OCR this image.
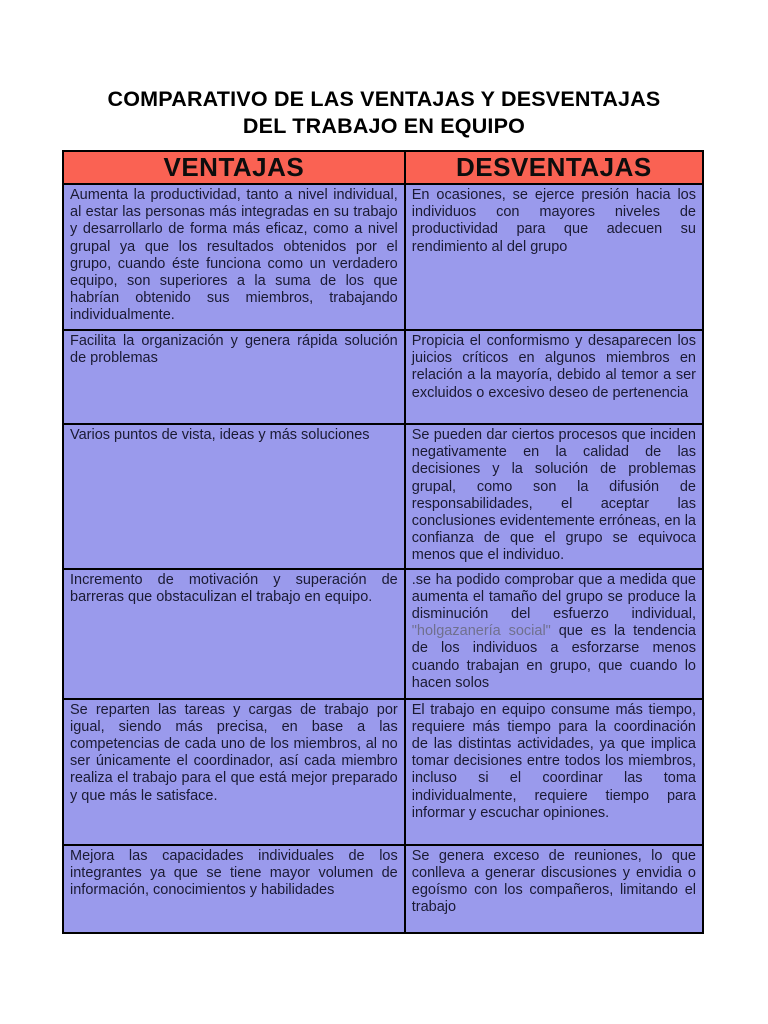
COMPARATIVO DE LAS VENTAJAS Y DESVENTAJAS
DEL TRABAJO EN EQUIPO
VENTAJAS	DESVENTAJAS
Aumenta la productividad, tanto a nivel individual, al estar las personas más integradas en su trabajo y desarrollarlo de forma más eficaz, como a nivel grupal ya que los resultados obtenidos por el grupo, cuando éste funciona como un verdadero equipo, son superiores a la suma de los que habrían obtenido sus miembros, trabajando individualmente.	En ocasiones, se ejerce presión hacia los individuos con mayores niveles de productividad para que adecuen su rendimiento al del grupo
Facilita la organización y genera rápida solución de problemas	Propicia el conformismo y desaparecen los juicios críticos en algunos miembros en relación a la mayoría, debido al temor a ser excluidos o excesivo deseo de pertenencia
Varios puntos de vista, ideas y más soluciones	Se pueden dar ciertos procesos que inciden negativamente en la calidad de las decisiones y la solución de problemas grupal, como son la difusión de responsabilidades, el aceptar las conclusiones evidentemente erróneas, en la confianza de que el grupo se equivoca menos que el individuo.
Incremento de motivación y superación de barreras que obstaculizan el trabajo en equipo.	.se ha podido comprobar que a medida que aumenta el tamaño del grupo se produce la disminución del esfuerzo individual, "holgazanería social" que es la tendencia de los individuos a esforzarse menos cuando trabajan en grupo, que cuando lo hacen solos
Se reparten las tareas y cargas de trabajo por igual, siendo más precisa, en base a las competencias de cada uno de los miembros, al no ser únicamente el coordinador, así cada miembro realiza el trabajo para el que está mejor preparado y que más le satisface.	El trabajo en equipo consume más tiempo, requiere más tiempo para la coordinación de las distintas actividades, ya que implica tomar decisiones entre todos los miembros, incluso si el coordinar las toma individualmente, requiere tiempo para informar y escuchar opiniones.
Mejora las capacidades individuales de los integrantes ya que se tiene mayor volumen de información, conocimientos y habilidades	Se genera exceso de reuniones, lo que conlleva a generar discusiones y envidia o egoísmo con los compañeros, limitando el trabajo
